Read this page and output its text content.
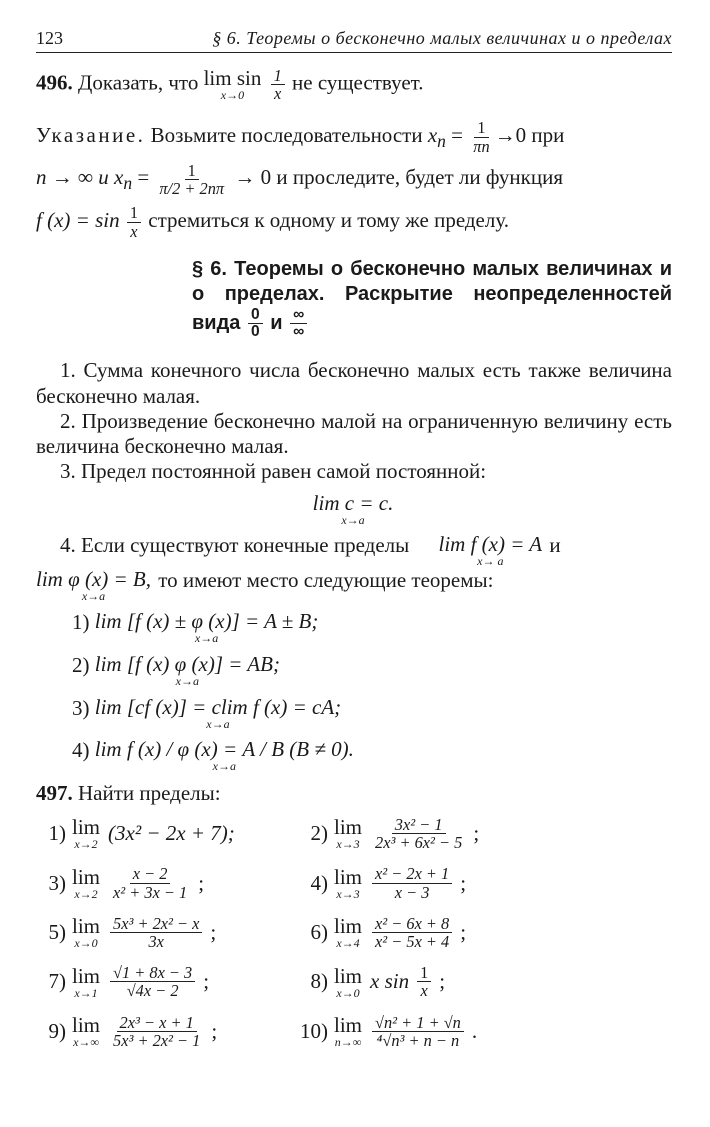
123	§ 6. Теоремы о бесконечно малых величинах и о пределах
496. Доказать, что lim sin
x→0
$\frac{1}{x}$ не существует.
Указание. Возьмите последовательности $x_n = \frac{1}{\pi n} \to 0$ при
n → ∞ и $x_n = \frac{1}{\pi/2 + 2n\pi} \to 0$ и проследите, будет ли функция
f $(x) = \sin \frac{1}{x}$ стремиться к одному и тому же пределу.
§ 6. Теоремы о бесконечно малых величинах и о пределах. Раскрытие неопределенностей вида $\frac{0}{0}$ и $\frac{\infty}{\infty}$

1. Сумма конечного числа бесконечно малых есть также величина бесконечно малая.

2. Произведение бесконечно малой на ограниченную величину есть величина бесконечно малая.

3. Предел постоянной равен самой постоянной:

lim c = c.
x→a

4. Если существуют конечные пределы	lim f (x) = A
x→ a
и

lim φ (x) = B,
x→a
то имеют место следующие теоремы:
1) lim [f (x) ± φ (x)] = A ± B;
x→a
2) lim [f (x) φ (x)] = AB;
x→a
3) lim [cf (x)] = clim f (x) = cA;
x→a
4) lim f (x) / φ (x) = A / B (B ≠ 0).
x→a
497. Найти пределы:
1) lim
x→2 (3x² − 2x + 7);	2) lim
$x\to 3 \frac{\text{3x² − 1}}{\text{2x³ + 6x² − 5}}$ ;
3) lim
$x\to 2 \frac{x - 2}{\text{x² + 3x − 1}}$ ;	4) lim
$x\to 3 \frac{\text{x² − 2x + 1}}{x - 3}$ ;
5) lim
$x\to 0 \frac{\text{5x³ + 2x² − x}}{3x}$ ;	6) lim
$x\to 4 \frac{\text{x² − 6x + 8}}{\text{x² − 5x + 4}}$ ;
7) lim
$x\to 1 \frac{√1 + 8x - 3}{√4x - 2}$ ;	8) lim
x→0 x $\sin \frac{1}{x}$ ;
9) lim
$x\to\infty \frac{\text{2x³ − x + 1}}{\text{5x³ + 2x² − 1}}$ ;	10) lim
$n\to\infty \frac{\text{√n² + 1 + √n}}{\text{⁴√n³ + n − n}}$ .
